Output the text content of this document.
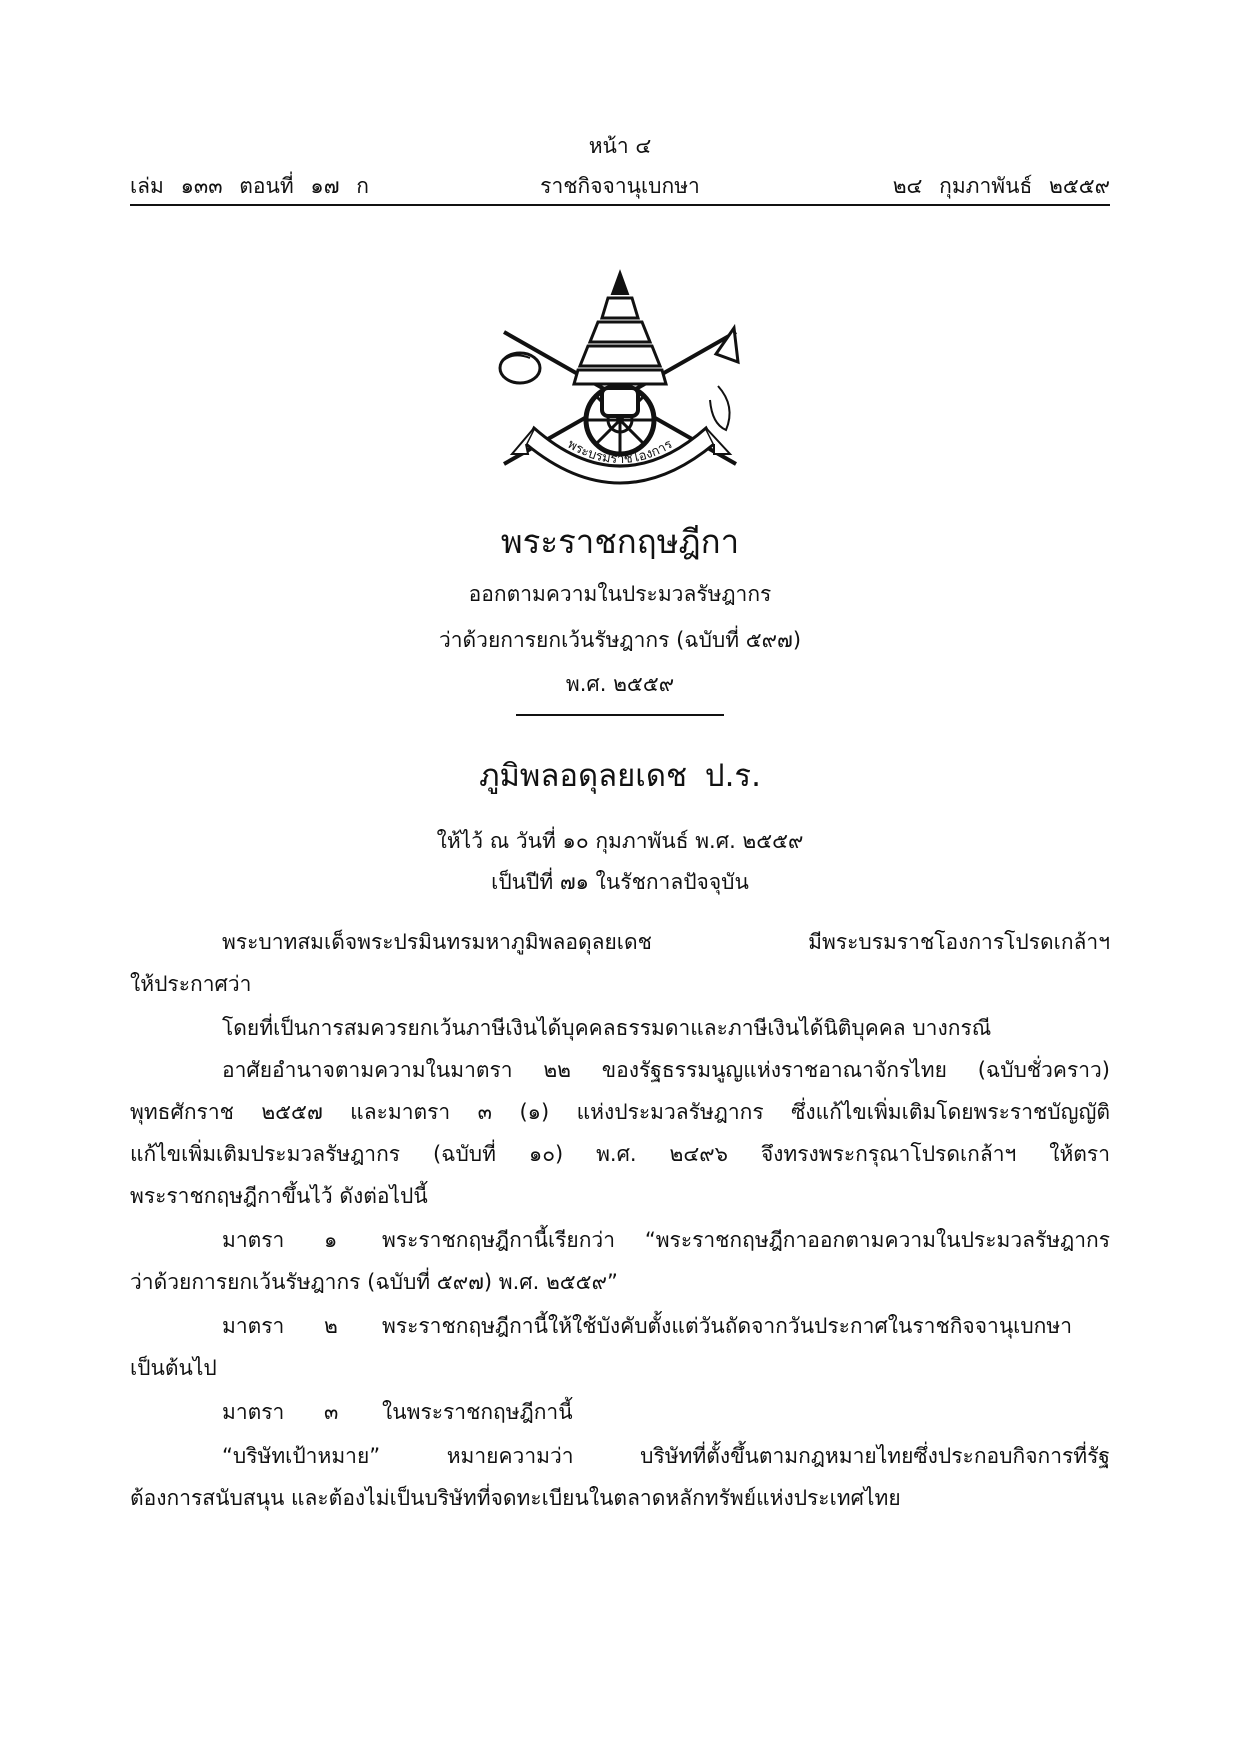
หน้า ๔
เล่ม ๑๓๓ ตอนที่ ๑๗ ก	ราชกิจจานุเบกษา	๒๔ กุมภาพันธ์ ๒๕๕๙
พระบรมราชโองการ
พระราชกฤษฎีกา
ออกตามความในประมวลรัษฎากร
ว่าด้วยการยกเว้นรัษฎากร (ฉบับที่ ๕๙๗)
พ.ศ. ๒๕๕๙
ภูมิพลอดุลยเดช ป.ร.
ให้ไว้ ณ วันที่ ๑๐ กุมภาพันธ์ พ.ศ. ๒๕๕๙
เป็นปีที่ ๗๑ ในรัชกาลปัจจุบัน
พระบาทสมเด็จพระปรมินทรมหาภูมิพลอดุลยเดช มีพระบรมราชโองการโปรดเกล้าฯ
ให้ประกาศว่า
โดยที่เป็นการสมควรยกเว้นภาษีเงินได้บุคคลธรรมดาและภาษีเงินได้นิติบุคคล บางกรณี
อาศัยอำนาจตามความในมาตรา ๒๒ ของรัฐธรรมนูญแห่งราชอาณาจักรไทย (ฉบับชั่วคราว)
พุทธศักราช ๒๕๕๗ และมาตรา ๓ (๑) แห่งประมวลรัษฎากร ซึ่งแก้ไขเพิ่มเติมโดยพระราชบัญญัติ
แก้ไขเพิ่มเติมประมวลรัษฎากร (ฉบับที่ ๑๐) พ.ศ. ๒๔๙๖ จึงทรงพระกรุณาโปรดเกล้าฯ ให้ตรา
พระราชกฤษฎีกาขึ้นไว้ ดังต่อไปนี้
มาตรา ๑ พระราชกฤษฎีกานี้เรียกว่า “พระราชกฤษฎีกาออกตามความในประมวลรัษฎากร
ว่าด้วยการยกเว้นรัษฎากร (ฉบับที่ ๕๙๗) พ.ศ. ๒๕๕๙”
มาตรา ๒ พระราชกฤษฎีกานี้ให้ใช้บังคับตั้งแต่วันถัดจากวันประกาศในราชกิจจานุเบกษา
เป็นต้นไป
มาตรา ๓ ในพระราชกฤษฎีกานี้
“บริษัทเป้าหมาย” หมายความว่า บริษัทที่ตั้งขึ้นตามกฎหมายไทยซึ่งประกอบกิจการที่รัฐ
ต้องการสนับสนุน และต้องไม่เป็นบริษัทที่จดทะเบียนในตลาดหลักทรัพย์แห่งประเทศไทย
